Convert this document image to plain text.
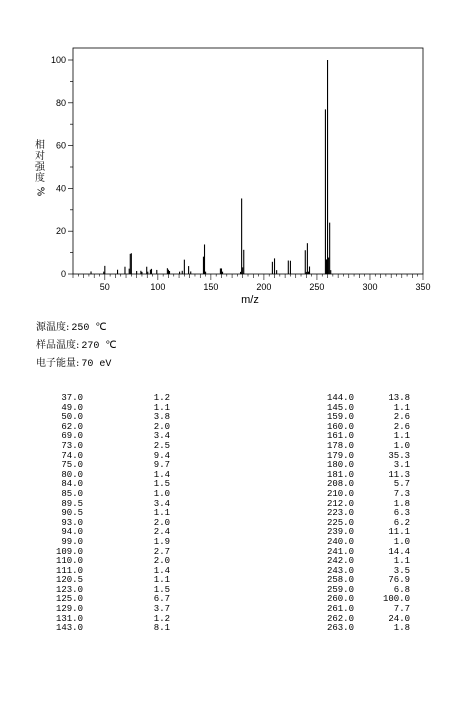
0
20
40
60
80
100
50	100	150	200	250	300	350
相
对
强
度
%
m/z
源温度: 250 ℃
样品温度: 270 ℃
电子能量: 70 eV
37.0	1.2
49.0	1.1
50.0	3.8
62.0	2.0
69.0	3.4
73.0	2.5
74.0	9.4
75.0	9.7
80.0	1.4
84.0	1.5
85.0	1.0
89.5	3.4
90.5	1.1
93.0	2.0
94.0	2.4
99.0	1.9
109.0	2.7
110.0	2.0
111.0	1.4
120.5	1.1
123.0	1.5
125.0	6.7
129.0	3.7
131.0	1.2
143.0	8.1
144.0	13.8
145.0	1.1
159.0	2.6
160.0	2.6
161.0	1.1
178.0	1.0
179.0	35.3
180.0	3.1
181.0	11.3
208.0	5.7
210.0	7.3
212.0	1.8
223.0	6.3
225.0	6.2
239.0	11.1
240.0	1.0
241.0	14.4
242.0	1.1
243.0	3.5
258.0	76.9
259.0	6.8
260.0	100.0
261.0	7.7
262.0	24.0
263.0	1.8
